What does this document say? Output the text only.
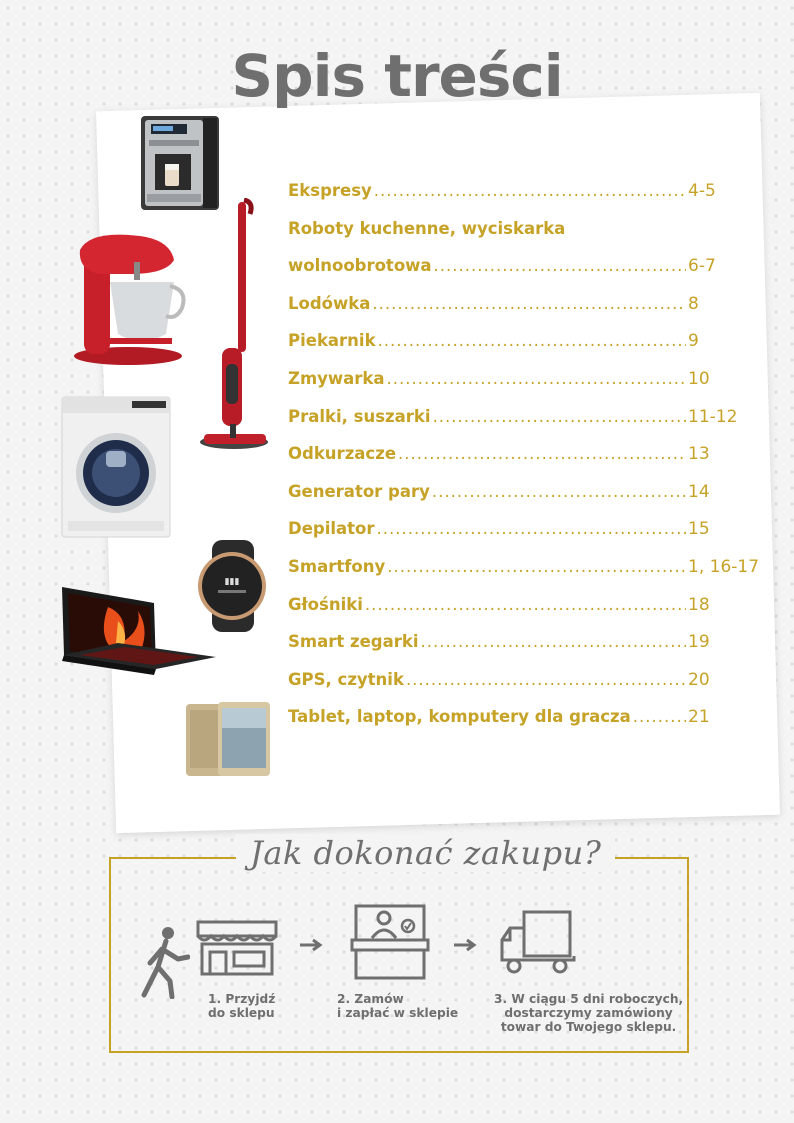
Spis treści
▮▮▮
Ekspresy .....	4-5
Roboty kuchenne, wyciskarka
wolnoobrotowa .....	6-7
Lodówka .....	8
Piekarnik .....	9
Zmywarka .....	10
Pralki, suszarki .....	11-12
Odkurzacze .....	13
Generator pary .....	14
Depilator .....	15
Smartfony .....	1, 16-17
Głośniki .....	18
Smart zegarki .....	19
GPS, czytnik .....	20
Tablet, laptop, komputery dla gracza .....	21
Jak dokonać zakupu?
1. Przyjdź
do sklepu
2. Zamów
i zapłać w sklepie
3. W ciągu 5 dni roboczych,
dostarczymy zamówiony
towar do Twojego sklepu.
